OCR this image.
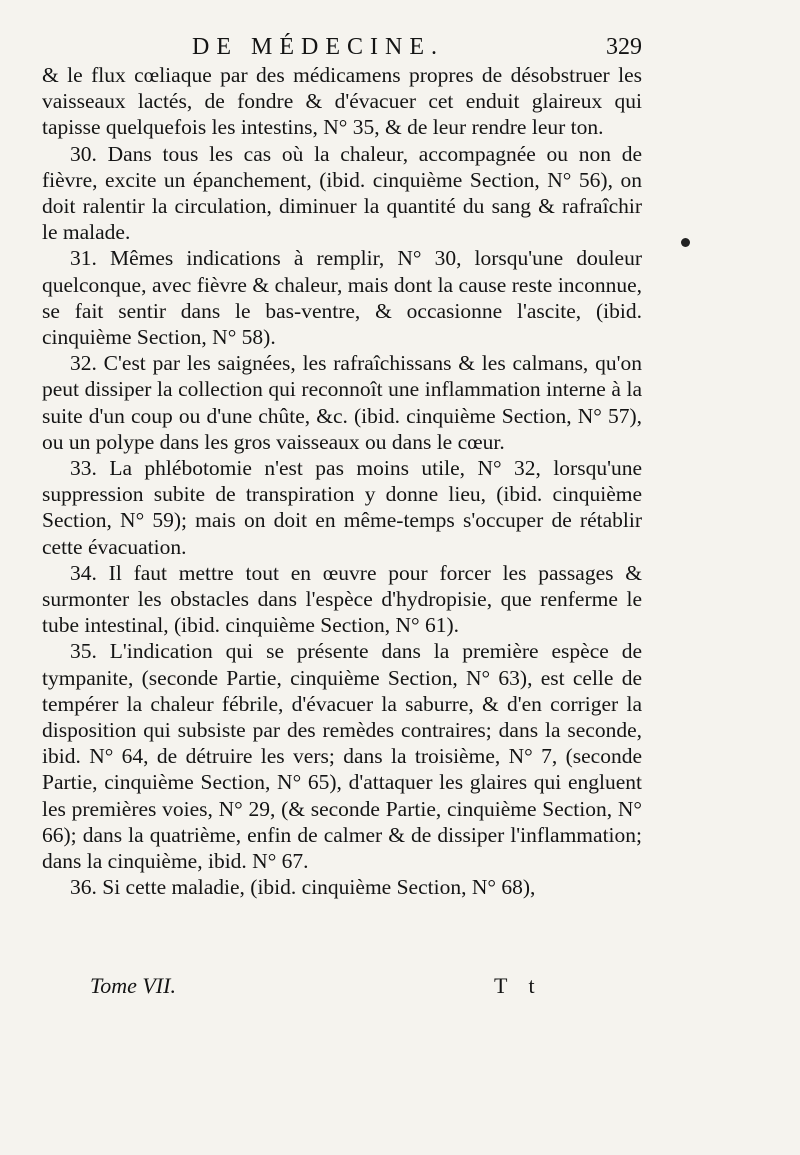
DE MÉDECINE.	329

& le flux cœliaque par des médicamens propres de désobstruer les vaisseaux lactés, de fondre & d'évacuer cet enduit glaireux qui tapisse quelquefois les intestins, N° 35, & de leur rendre leur ton.

30. Dans tous les cas où la chaleur, accompagnée ou non de fièvre, excite un épanchement, (ibid. cinquième Section, N° 56), on doit ralentir la circulation, diminuer la quantité du sang & rafraîchir le malade.

31. Mêmes indications à remplir, N° 30, lorsqu'une douleur quelconque, avec fièvre & chaleur, mais dont la cause reste inconnue, se fait sentir dans le bas-ventre, & occasionne l'ascite, (ibid. cinquième Section, N° 58).

32. C'est par les saignées, les rafraîchissans & les calmans, qu'on peut dissiper la collection qui reconnoît une inflammation interne à la suite d'un coup ou d'une chûte, &c. (ibid. cinquième Section, N° 57), ou un polype dans les gros vaisseaux ou dans le cœur.

33. La phlébotomie n'est pas moins utile, N° 32, lorsqu'une suppression subite de transpiration y donne lieu, (ibid. cinquième Section, N° 59); mais on doit en même-temps s'occuper de rétablir cette évacuation.

34. Il faut mettre tout en œuvre pour forcer les passages & surmonter les obstacles dans l'espèce d'hydropisie, que renferme le tube intestinal, (ibid. cinquième Section, N° 61).

35. L'indication qui se présente dans la première espèce de tympanite, (seconde Partie, cinquième Section, N° 63), est celle de tempérer la chaleur fébrile, d'évacuer la saburre, & d'en corriger la disposition qui subsiste par des remèdes contraires; dans la seconde, ibid. N° 64, de détruire les vers; dans la troisième, N° 7, (seconde Partie, cinquième Section, N° 65), d'attaquer les glaires qui engluent les premières voies, N° 29, (& seconde Partie, cinquième Section, N° 66); dans la quatrième, enfin de calmer & de dissiper l'inflammation; dans la cinquième, ibid. N° 67.

36. Si cette maladie, (ibid. cinquième Section, N° 68),

Tome VII.	T t
